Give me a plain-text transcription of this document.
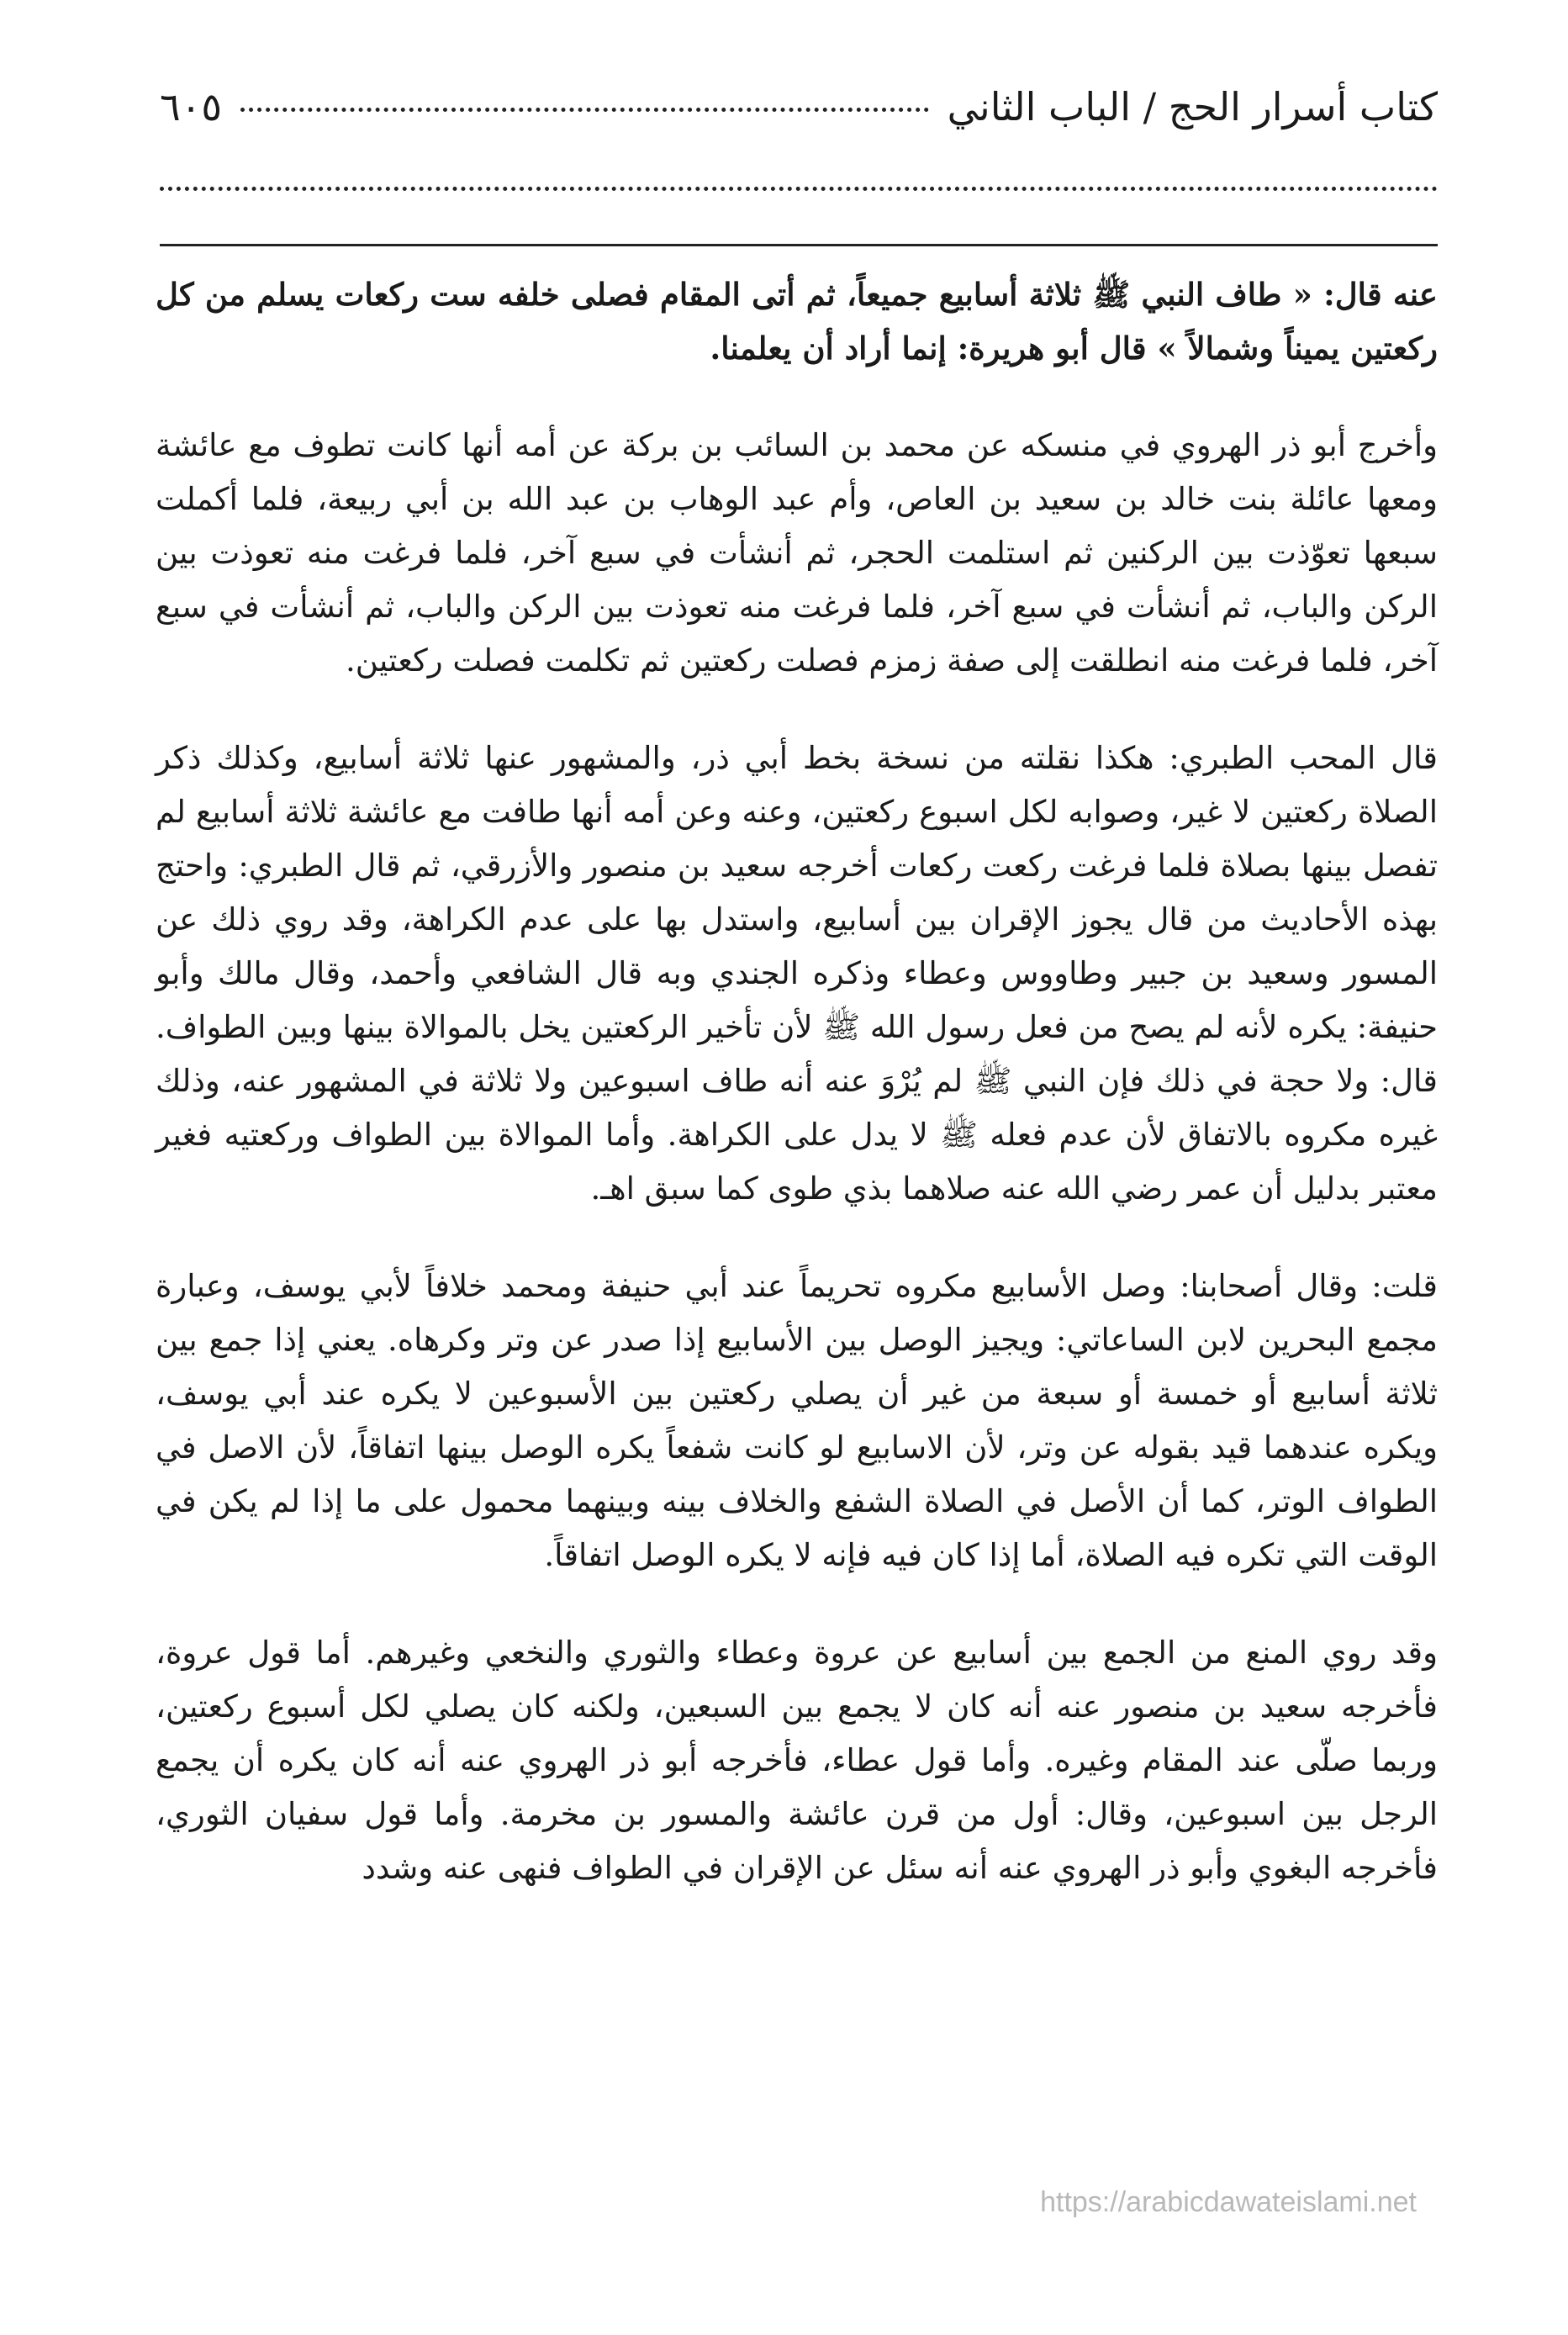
كتاب أسرار الحج / الباب الثاني
٦٠٥

عنه قال: « طاف النبي ﷺ ثلاثة أسابيع جميعاً، ثم أتى المقام فصلى خلفه ست ركعات يسلم من كل ركعتين يميناً وشمالاً » قال أبو هريرة: إنما أراد أن يعلمنا.

وأخرج أبو ذر الهروي في منسكه عن محمد بن السائب بن بركة عن أمه أنها كانت تطوف مع عائشة ومعها عائلة بنت خالد بن سعيد بن العاص، وأم عبد الوهاب بن عبد الله بن أبي ربيعة، فلما أكملت سبعها تعوّذت بين الركنين ثم استلمت الحجر، ثم أنشأت في سبع آخر، فلما فرغت منه تعوذت بين الركن والباب، ثم أنشأت في سبع آخر، فلما فرغت منه تعوذت بين الركن والباب، ثم أنشأت في سبع آخر، فلما فرغت منه انطلقت إلى صفة زمزم فصلت ركعتين ثم تكلمت فصلت ركعتين.

قال المحب الطبري: هكذا نقلته من نسخة بخط أبي ذر، والمشهور عنها ثلاثة أسابيع، وكذلك ذكر الصلاة ركعتين لا غير، وصوابه لكل اسبوع ركعتين، وعنه وعن أمه أنها طافت مع عائشة ثلاثة أسابيع لم تفصل بينها بصلاة فلما فرغت ركعت ركعات أخرجه سعيد بن منصور والأزرقي، ثم قال الطبري: واحتج بهذه الأحاديث من قال يجوز الإقران بين أسابيع، واستدل بها على عدم الكراهة، وقد روي ذلك عن المسور وسعيد بن جبير وطاووس وعطاء وذكره الجندي وبه قال الشافعي وأحمد، وقال مالك وأبو حنيفة: يكره لأنه لم يصح من فعل رسول الله ﷺ لأن تأخير الركعتين يخل بالموالاة بينها وبين الطواف. قال: ولا حجة في ذلك فإن النبي ﷺ لم يُرْوَ عنه أنه طاف اسبوعين ولا ثلاثة في المشهور عنه، وذلك غيره مكروه بالاتفاق لأن عدم فعله ﷺ لا يدل على الكراهة. وأما الموالاة بين الطواف وركعتيه فغير معتبر بدليل أن عمر رضي الله عنه صلاهما بذي طوى كما سبق اهـ.

قلت: وقال أصحابنا: وصل الأسابيع مكروه تحريماً عند أبي حنيفة ومحمد خلافاً لأبي يوسف، وعبارة مجمع البحرين لابن الساعاتي: ويجيز الوصل بين الأسابيع إذا صدر عن وتر وكرهاه. يعني إذا جمع بين ثلاثة أسابيع أو خمسة أو سبعة من غير أن يصلي ركعتين بين الأسبوعين لا يكره عند أبي يوسف، ويكره عندهما قيد بقوله عن وتر، لأن الاسابيع لو كانت شفعاً يكره الوصل بينها اتفاقاً، لأن الاصل في الطواف الوتر، كما أن الأصل في الصلاة الشفع والخلاف بينه وبينهما محمول على ما إذا لم يكن في الوقت التي تكره فيه الصلاة، أما إذا كان فيه فإنه لا يكره الوصل اتفاقاً.

وقد روي المنع من الجمع بين أسابيع عن عروة وعطاء والثوري والنخعي وغيرهم. أما قول عروة، فأخرجه سعيد بن منصور عنه أنه كان لا يجمع بين السبعين، ولكنه كان يصلي لكل أسبوع ركعتين، وربما صلّى عند المقام وغيره. وأما قول عطاء، فأخرجه أبو ذر الهروي عنه أنه كان يكره أن يجمع الرجل بين اسبوعين، وقال: أول من قرن عائشة والمسور بن مخرمة. وأما قول سفيان الثوري، فأخرجه البغوي وأبو ذر الهروي عنه أنه سئل عن الإقران في الطواف فنهى عنه وشدد

https://arabicdawateislami.net
